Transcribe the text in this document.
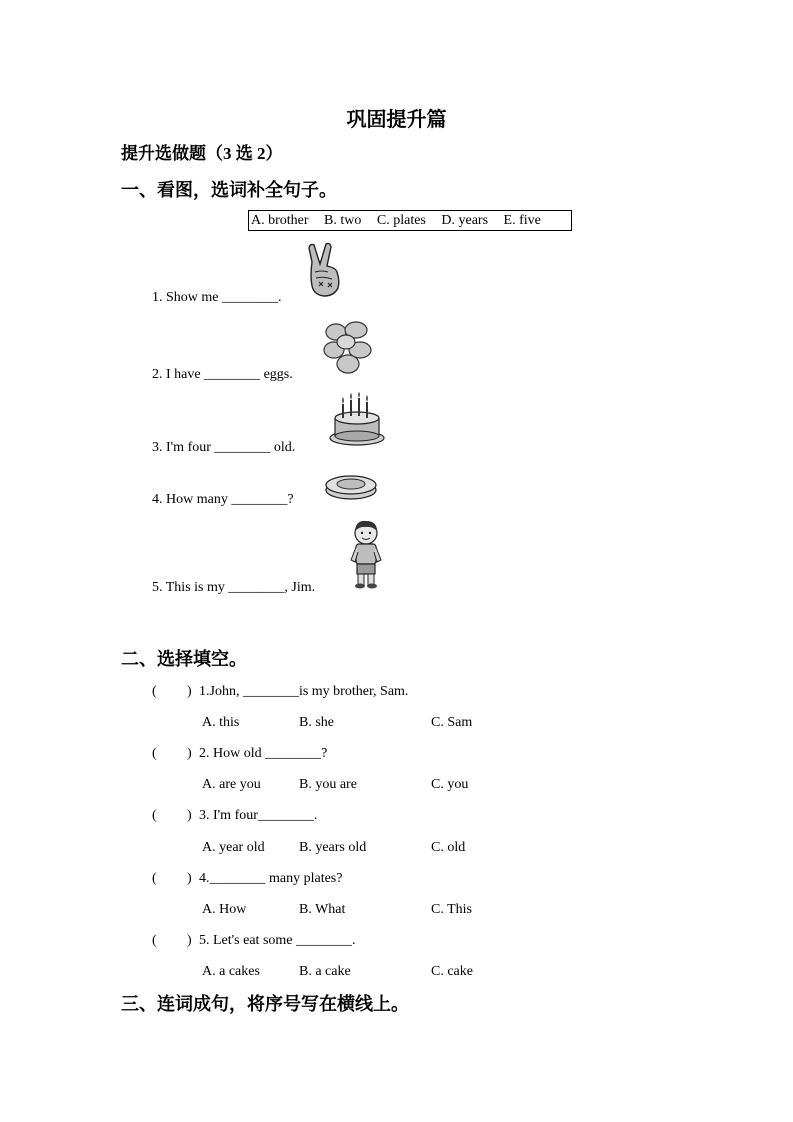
巩固提升篇
提升选做题（3 选 2）
一、看图，选词补全句子。
A. brother B. two C. plates D. years E. five
1. Show me ________.
2. I have ________ eggs.
3. I'm four ________ old.
4. How many ________?
5. This is my ________, Jim.
二、选择填空。
( ) 1.John, ________is my brother, Sam.
A. this	B. she	C. Sam
( ) 2. How old ________?
A. are you	B. you are	C. you
( ) 3. I'm four________.
A. year old B. years old	C. old
( ) 4.________ many plates?
A. How	B. What	C. This
( ) 5. Let's eat some ________.
A. a cakes	B. a cake	C. cake
三、连词成句，将序号写在横线上。
